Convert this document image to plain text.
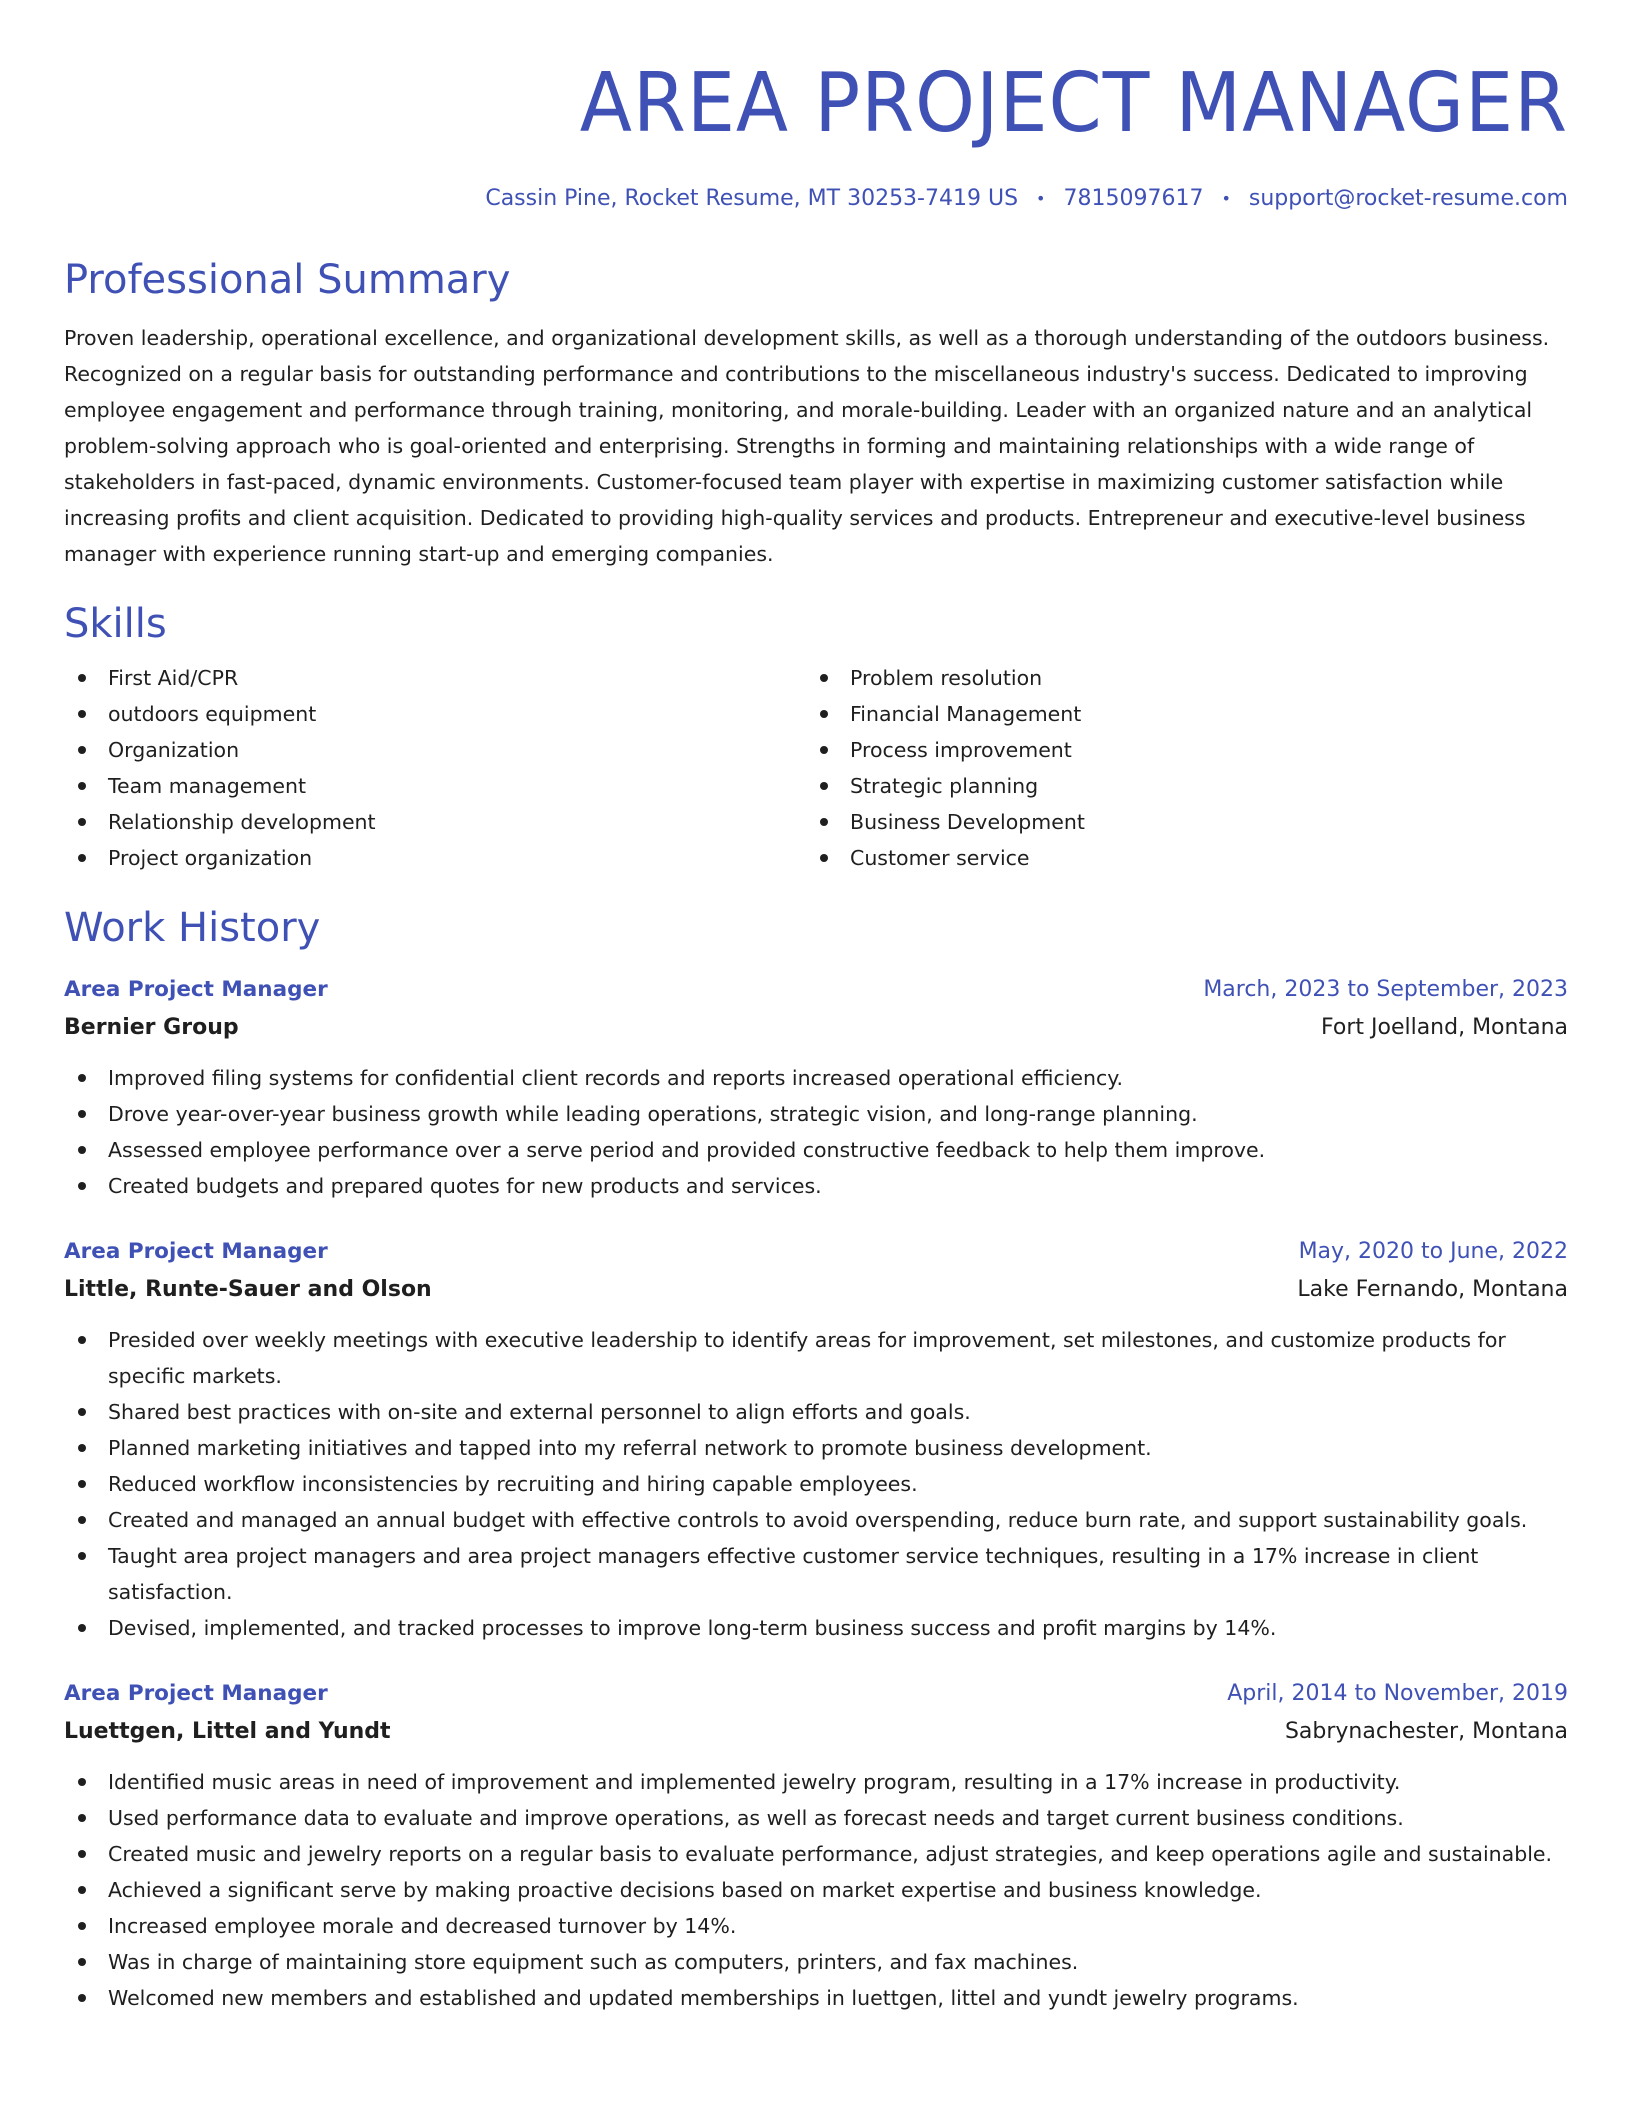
AREA PROJECT MANAGER
Cassin Pine, Rocket Resume, MT 30253-7419 US • 7815097617 • support@rocket-resume.com
Professional Summary
Proven leadership, operational excellence, and organizational development skills, as well as a thorough understanding of the outdoors business. Recognized on a regular basis for outstanding performance and contributions to the miscellaneous industry's success. Dedicated to improving employee engagement and performance through training, monitoring, and morale-building. Leader with an organized nature and an analytical problem-solving approach who is goal-oriented and enterprising. Strengths in forming and maintaining relationships with a wide range of stakeholders in fast-paced, dynamic environments. Customer-focused team player with expertise in maximizing customer satisfaction while increasing profits and client acquisition. Dedicated to providing high-quality services and products. Entrepreneur and executive-level business manager with experience running start-up and emerging companies.
Skills
First Aid/CPR
outdoors equipment
Organization
Team management
Relationship development
Project organization
Problem resolution
Financial Management
Process improvement
Strategic planning
Business Development
Customer service
Work History
Area Project Manager	March, 2023 to September, 2023
Bernier Group	Fort Joelland, Montana
Improved filing systems for confidential client records and reports increased operational efficiency.
Drove year-over-year business growth while leading operations, strategic vision, and long-range planning.
Assessed employee performance over a serve period and provided constructive feedback to help them improve.
Created budgets and prepared quotes for new products and services.
Area Project Manager	May, 2020 to June, 2022
Little, Runte-Sauer and Olson	Lake Fernando, Montana
Presided over weekly meetings with executive leadership to identify areas for improvement, set milestones, and customize products for specific markets.
Shared best practices with on-site and external personnel to align efforts and goals.
Planned marketing initiatives and tapped into my referral network to promote business development.
Reduced workflow inconsistencies by recruiting and hiring capable employees.
Created and managed an annual budget with effective controls to avoid overspending, reduce burn rate, and support sustainability goals.
Taught area project managers and area project managers effective customer service techniques, resulting in a 17% increase in client satisfaction.
Devised, implemented, and tracked processes to improve long-term business success and profit margins by 14%.
Area Project Manager	April, 2014 to November, 2019
Luettgen, Littel and Yundt	Sabrynachester, Montana
Identified music areas in need of improvement and implemented jewelry program, resulting in a 17% increase in productivity.
Used performance data to evaluate and improve operations, as well as forecast needs and target current business conditions.
Created music and jewelry reports on a regular basis to evaluate performance, adjust strategies, and keep operations agile and sustainable.
Achieved a significant serve by making proactive decisions based on market expertise and business knowledge.
Increased employee morale and decreased turnover by 14%.
Was in charge of maintaining store equipment such as computers, printers, and fax machines.
Welcomed new members and established and updated memberships in luettgen, littel and yundt jewelry programs.
